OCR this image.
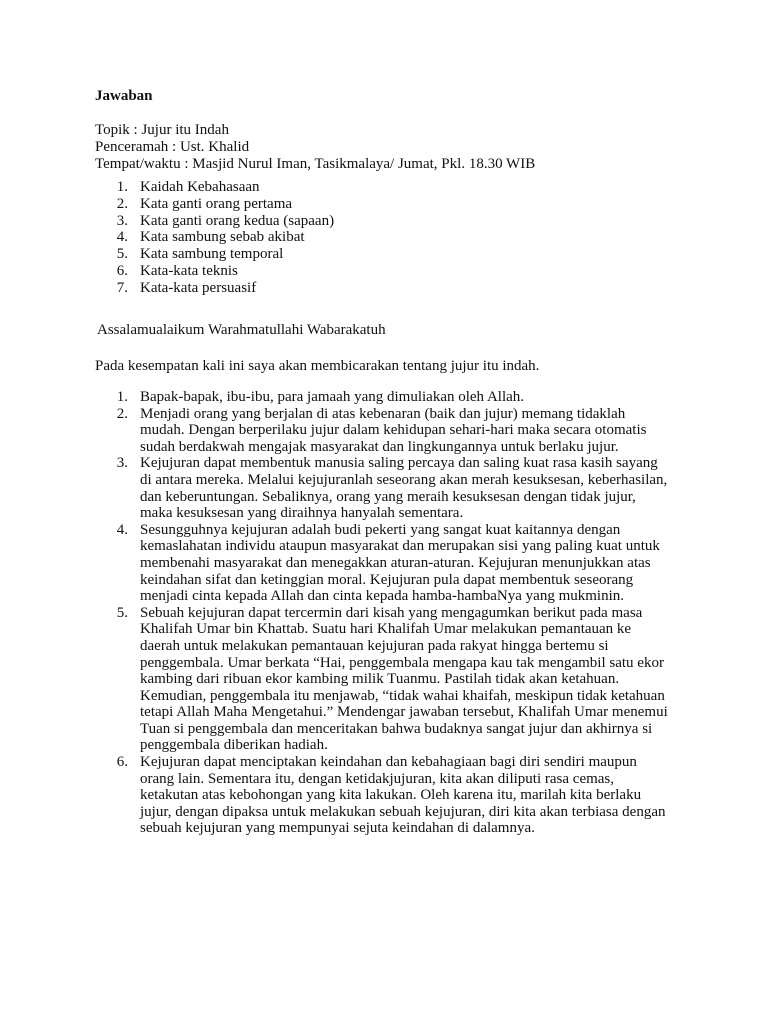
Jawaban
Topik : Jujur itu Indah
Penceramah : Ust. Khalid
Tempat/waktu : Masjid Nurul Iman, Tasikmalaya/ Jumat, Pkl. 18.30 WIB
1. Kaidah Kebahasaan
2. Kata ganti orang pertama
3. Kata ganti orang kedua (sapaan)
4. Kata sambung sebab akibat
5. Kata sambung temporal
6. Kata-kata teknis
7. Kata-kata persuasif
Assalamualaikum Warahmatullahi Wabarakatuh
Pada kesempatan kali ini saya akan membicarakan tentang jujur itu indah.
1. Bapak-bapak, ibu-ibu, para jamaah yang dimuliakan oleh Allah.
2. Menjadi orang yang berjalan di atas kebenaran (baik dan jujur) memang tidaklah mudah. Dengan berperilaku jujur dalam kehidupan sehari-hari maka secara otomatis sudah berdakwah mengajak masyarakat dan lingkungannya untuk berlaku jujur.
3. Kejujuran dapat membentuk manusia saling percaya dan saling kuat rasa kasih sayang di antara mereka. Melalui kejujuranlah seseorang akan merah kesuksesan, keberhasilan, dan keberuntungan. Sebaliknya, orang yang meraih kesuksesan dengan tidak jujur, maka kesuksesan yang diraihnya hanyalah sementara.
4. Sesungguhnya kejujuran adalah budi pekerti yang sangat kuat kaitannya dengan kemaslahatan individu ataupun masyarakat dan merupakan sisi yang paling kuat untuk membenahi masyarakat dan menegakkan aturan-aturan. Kejujuran menunjukkan atas keindahan sifat dan ketinggian moral. Kejujuran pula dapat membentuk seseorang menjadi cinta kepada Allah dan cinta kepada hamba-hambaNya yang mukminin.
5. Sebuah kejujuran dapat tercermin dari kisah yang mengagumkan berikut pada masa Khalifah Umar bin Khattab. Suatu hari Khalifah Umar melakukan pemantauan ke daerah untuk melakukan pemantauan kejujuran pada rakyat hingga bertemu si penggembala. Umar berkata “Hai, penggembala mengapa kau tak mengambil satu ekor kambing dari ribuan ekor kambing milik Tuanmu. Pastilah tidak akan ketahuan. Kemudian, penggembala itu menjawab, “tidak wahai khaifah, meskipun tidak ketahuan tetapi Allah Maha Mengetahui.” Mendengar jawaban tersebut, Khalifah Umar menemui Tuan si penggembala dan menceritakan bahwa budaknya sangat jujur dan akhirnya si penggembala diberikan hadiah.
6. Kejujuran dapat menciptakan keindahan dan kebahagiaan bagi diri sendiri maupun orang lain. Sementara itu, dengan ketidakjujuran, kita akan diliputi rasa cemas, ketakutan atas kebohongan yang kita lakukan. Oleh karena itu, marilah kita berlaku jujur, dengan dipaksa untuk melakukan sebuah kejujuran, diri kita akan terbiasa dengan sebuah kejujuran yang mempunyai sejuta keindahan di dalamnya.
